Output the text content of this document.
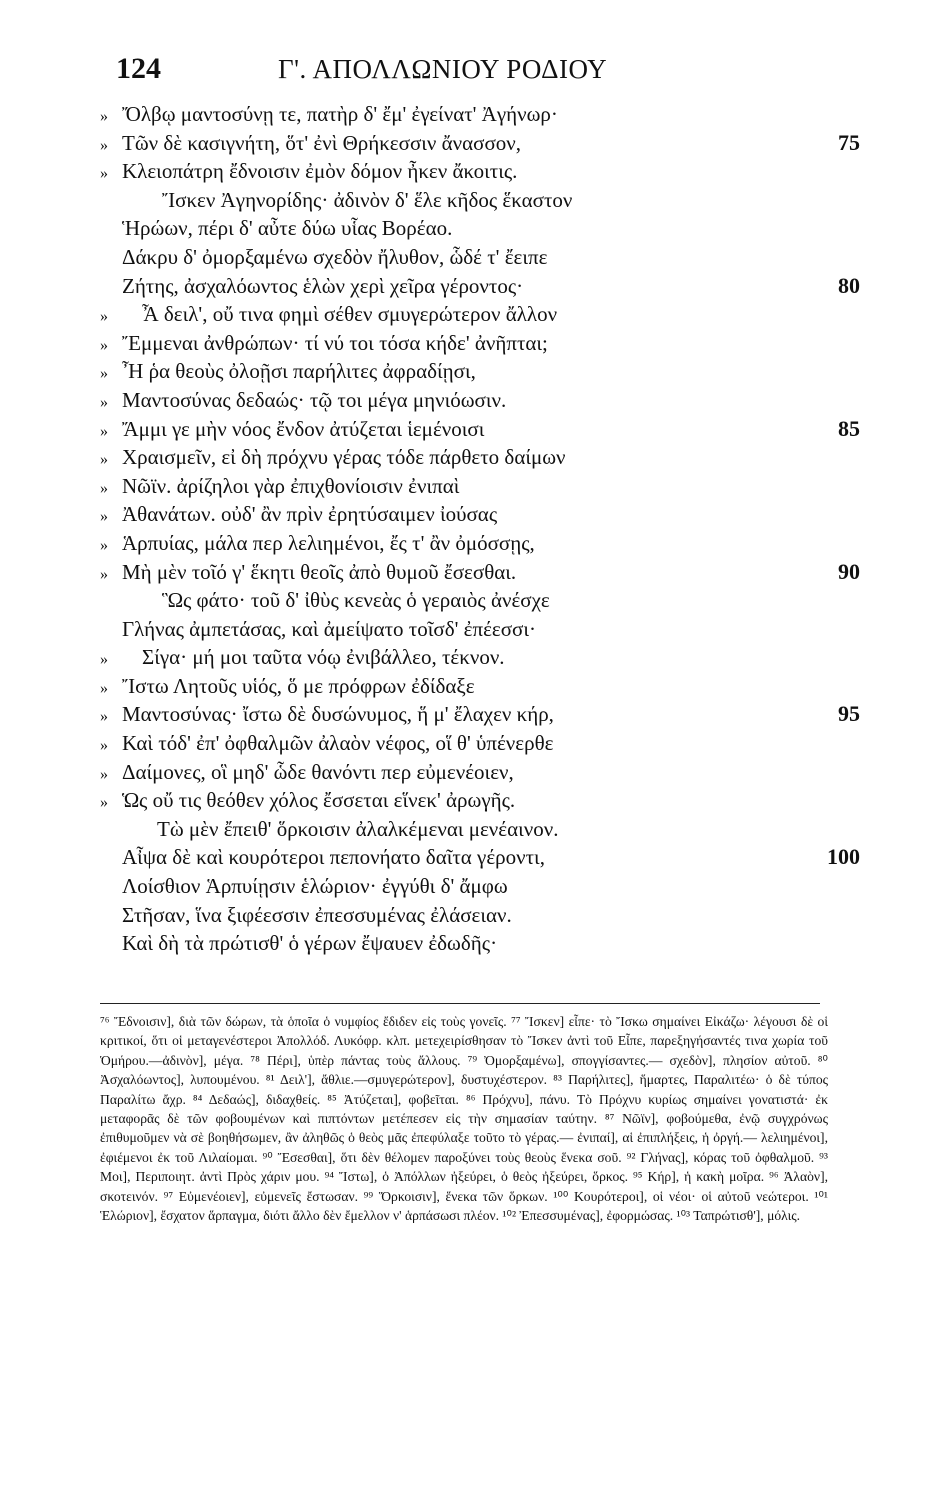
124	Γ'. ΑΠΟΛΛΩΝΙΟΥ ΡΟΔΙΟΥ
» Ὄλβῳ μαντοσύνῃ τε, πατὴρ δ' ἔμ' ἐγείνατ' Ἀγήνωρ·
» Τῶν δὲ κασιγνήτη, ὅτ' ἐνὶ Θρήκεσσιν ἄνασσον,	75
» Κλειοπάτρη ἔδνοισιν ἐμὸν δόμον ἦκεν ἄκοιτις.
Ἴσκεν Ἀγηνορίδης· ἀδινὸν δ' ἕλε κῆδος ἕκαστον
Ἡρώων, πέρι δ' αὖτε δύω υἷας Βορέαο.
Δάκρυ δ' ὀμορξαμένω σχεδὸν ἤλυθον, ὧδέ τ' ἔειπε
Ζήτης, ἀσχαλόωντος ἑλὼν χερὶ χεῖρα γέροντος·	80
» Ἆ δειλ', οὔ τινα φημὶ σέθεν σμυγερώτερον ἄλλον
» Ἔμμεναι ἀνθρώπων· τί νύ τοι τόσα κήδε' ἀνῆπται;
» Ἦ ῥα θεοὺς ὀλοῇσι παρήλιτες ἀφραδίῃσι,
» Μαντοσύνας δεδαώς· τῷ τοι μέγα μηνιόωσιν.
» Ἄμμι γε μὴν νόος ἔνδον ἀτύζεται ἱεμένοισι	85
» Χραισμεῖν, εἰ δὴ πρόχνυ γέρας τόδε πάρθετο δαίμων
» Νῶϊν. ἀρίζηλοι γὰρ ἐπιχθονίοισιν ἐνιπαὶ
» Ἀθανάτων. οὐδ' ἂν πρὶν ἐρητύσαιμεν ἰούσας
» Ἁρπυίας, μάλα περ λελιημένοι, ἔς τ' ἂν ὀμόσσῃς,
» Μὴ μὲν τοῖό γ' ἕκητι θεοῖς ἀπὸ θυμοῦ ἔσεσθαι.	90
Ὣς φάτο· τοῦ δ' ἰθὺς κενεὰς ὁ γεραιὸς ἀνέσχε
Γλήνας ἀμπετάσας, καὶ ἀμείψατο τοῖσδ' ἐπέεσσι·
» Σίγα· μή μοι ταῦτα νόῳ ἐνιβάλλεο, τέκνον.
» Ἴστω Λητοῦς υἱός, ὅ με πρόφρων ἐδίδαξε
» Μαντοσύνας· ἴστω δὲ δυσώνυμος, ἥ μ' ἔλαχεν κήρ,	95
» Καὶ τόδ' ἐπ' ὀφθαλμῶν ἀλαὸν νέφος, οἵ θ' ὑπένερθε
» Δαίμονες, οἳ μηδ' ὧδε θανόντι περ εὐμενέοιεν,
» Ὡς οὔ τις θεόθεν χόλος ἔσσεται εἵνεκ' ἀρωγῆς.
Τὼ μὲν ἔπειθ' ὅρκοισιν ἀλαλκέμεναι μενέαινον.
Αἶψα δὲ καὶ κουρότεροι πεπονήατο δαῖτα γέροντι,	100
Λοίσθιον Ἁρπυίῃσιν ἑλώριον· ἐγγύθι δ' ἄμφω
Στῆσαν, ἵνα ξιφέεσσιν ἐπεσσυμένας ἐλάσειαν.
Καὶ δὴ τὰ πρώτισθ' ὁ γέρων ἔψαυεν ἐδωδῆς·

⁷⁶ Ἔδνοισιν], διὰ τῶν δώρων, τὰ ὁποῖα ὁ νυμφίος ἔδιδεν εἰς τοὺς γονεῖς. ⁷⁷ Ἴσκεν] εἶπε· τὸ Ἴσκω σημαίνει Εἰκάζω· λέγουσι δὲ οἱ κριτικοί, ὅτι οἱ μεταγενέστεροι Ἀπολλόδ. Λυκόφρ. κλπ. μετεχειρίσθησαν τὸ Ἴσκεν ἀντὶ τοῦ Εἶπε, παρεξηγήσαντές τινα χωρία τοῦ Ὁμήρου.—ἀδινὸν], μέγα. ⁷⁸ Πέρι], ὑπὲρ πάντας τοὺς ἄλλους. ⁷⁹ Ὀμορξαμένω], σπογγίσαντες.— σχεδὸν], πλησίον αὐτοῦ. ⁸⁰ Ἀσχαλόωντος], λυπουμένου. ⁸¹ Δειλ'], ἄθλιε.—σμυγερώτερον], δυστυχέστερον. ⁸³ Παρήλιτες], ἥμαρτες, Παραλιτέω· ὁ δὲ τύπος Παραλίτω ἄχρ. ⁸⁴ Δεδαώς], διδαχθείς. ⁸⁵ Ἀτύζεται], φοβεῖται. ⁸⁶ Πρόχνυ], πάνυ. Τὸ Πρόχνυ κυρίως σημαίνει γονατιστά· ἐκ μεταφορᾶς δὲ τῶν φοβουμένων καὶ πιπτόντων μετέπεσεν εἰς τὴν σημασίαν ταύτην. ⁸⁷ Νῶϊν], φοβούμεθα, ἐνῷ συγχρόνως ἐπιθυμοῦμεν νὰ σὲ βοηθήσωμεν, ἂν ἀληθῶς ὁ θεὸς μᾶς ἐπεφύλαξε τοῦτο τὸ γέρας.— ἐνιπαί], αἱ ἐπιπλήξεις, ἡ ὀργή.— λελιημένοι], ἐφιέμενοι ἐκ τοῦ Λιλαίομαι. ⁹⁰ Ἔσεσθαι], ὅτι δὲν θέλομεν παροξύνει τοὺς θεοὺς ἕνεκα σοῦ. ⁹² Γλήνας], κόρας τοῦ ὀφθαλμοῦ. ⁹³ Μοι], Περιποιητ. ἀντὶ Πρὸς χάριν μου. ⁹⁴ Ἴστω], ὁ Ἀπόλλων ἠξεύρει, ὁ θεὸς ἠξεύρει, ὅρκος. ⁹⁵ Κήρ], ἡ κακὴ μοῖρα. ⁹⁶ Ἀλαὸν], σκοτεινόν. ⁹⁷ Εὐμενέοιεν], εὐμενεῖς ἔστωσαν. ⁹⁹ Ὅρκοισιν], ἕνεκα τῶν ὅρκων. ¹⁰⁰ Κουρότεροι], οἱ νέοι· οἱ αὐτοῦ νεώτεροι. ¹⁰¹ Ἑλώριον], ἔσχατον ἅρπαγμα, διότι ἄλλο δὲν ἔμελλον ν' ἁρπάσωσι πλέον. ¹⁰² Ἐπεσσυμένας], ἐφορμώσας. ¹⁰³ Ταπρώτισθ'], μόλις.
